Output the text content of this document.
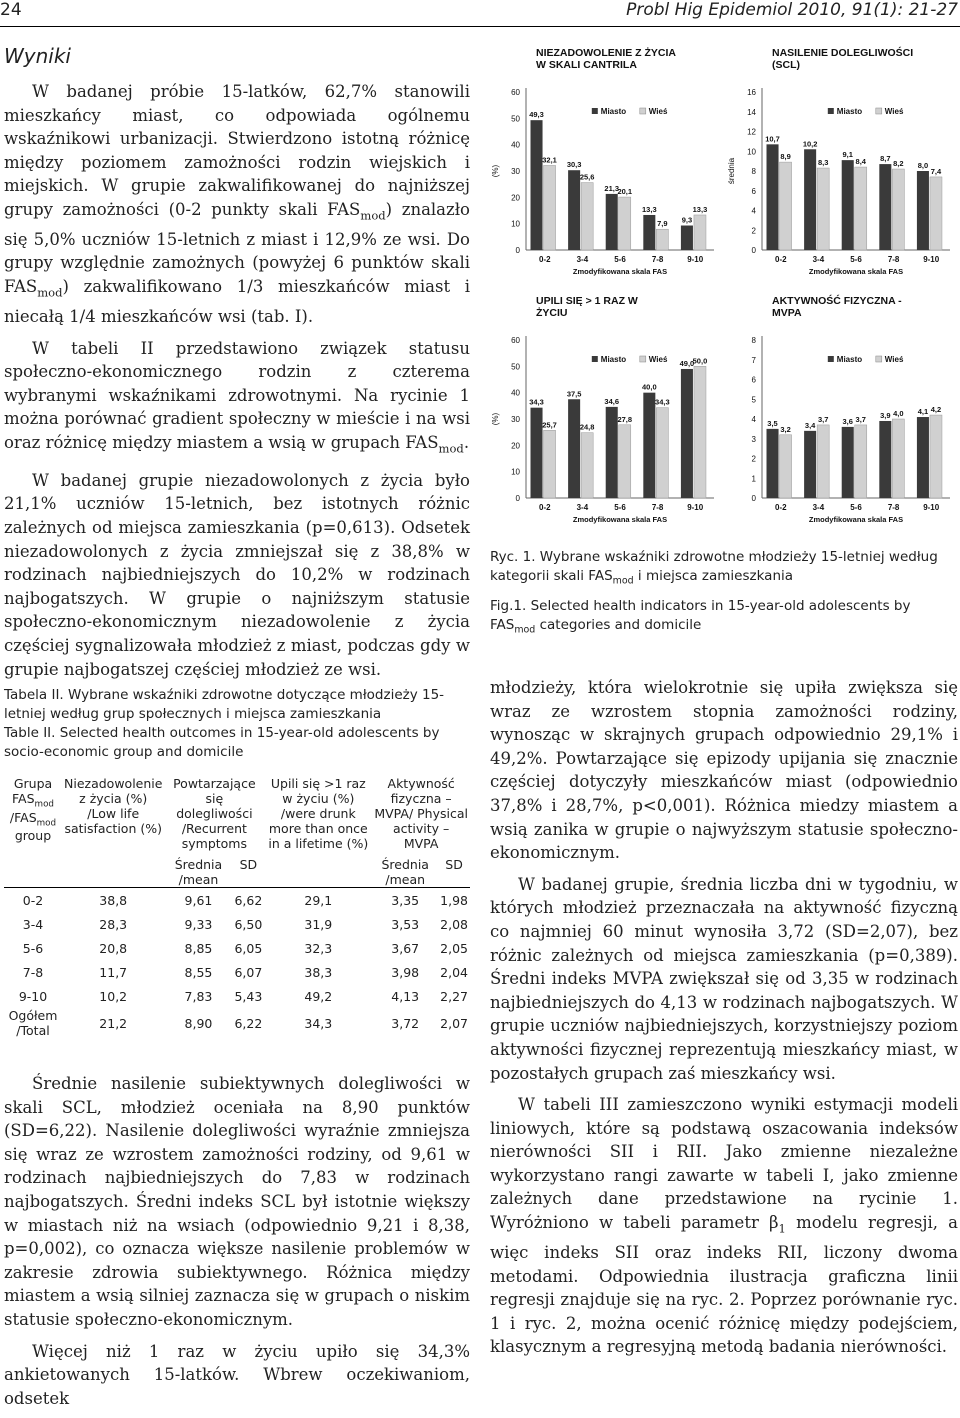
24	Probl Hig Epidemiol 2010, 91(1): 21-27
Wyniki

W badanej próbie 15-latków, 62,7% stanowili mieszkańcy miast, co odpowiada ogólnemu wskaźnikowi urbanizacji. Stwierdzono istotną różnicę między poziomem zamożności rodzin wiejskich i miejskich. W grupie zakwalifikowanej do najniższej grupy zamożności (0-2 punkty skali $FAS_{mod}$) znalazło się 5,0% uczniów 15-letnich z miast i 12,9% ze wsi. Do grupy względnie zamożnych (powyżej 6 punktów skali $FAS_{mod}$) zakwalifikowano 1/3 mieszkańców miast i niecałą 1/4 mieszkańców wsi (tab. I).

W tabeli II przedstawiono związek statusu społeczno-ekonomicznego rodzin z czterema wybranymi wskaźnikami zdrowotnymi. Na rycinie 1 można porównać gradient społeczny w mieście i na wsi oraz różnicę między miastem a wsią w grupach $FAS_{mod}$.

W badanej grupie niezadowolonych z życia było 21,1% uczniów 15-letnich, bez istotnych różnic zależnych od miejsca zamieszkania (p=0,613). Odsetek niezadowolonych z życia zmniejszał się z 38,8% w rodzinach najbiedniejszych do 10,2% w rodzinach najbogatszych. W grupie o najniższym statusie społeczno-ekonomicznym niezadowolenie z życia częściej sygnalizowała młodzież z miast, podczas gdy w grupie najbogatszej częściej młodzież ze wsi.

Tabela II. Wybrane wskaźniki zdrowotne dotyczące młodzieży 15-letniej według grup społecznych i miejsca zamieszkania
Table II. Selected health outcomes in 15-year-old adolescents by socio-economic group and domicile
Grupa $FAS_{mod}$ $/FAS_{mod}$ group	Niezadowolenie z życia (%) /Low life satisfaction (%)	Powtarzające się dolegliwości /Recurrent symptoms		Upili się >1 raz w życiu (%) /were drunk more than once in a lifetime (%)	Aktywność fizyczna – MVPA/ Physical activity – MVPA	
		Średnia /mean	SD		Średnia /mean	SD
0-2	38,8	9,61	6,62	29,1	3,35	1,98
3-4	28,3	9,33	6,50	31,9	3,53	2,08
5-6	20,8	8,85	6,05	32,3	3,67	2,05
7-8	11,7	8,55	6,07	38,3	3,98	2,04
9-10	10,2	7,83	5,43	49,2	4,13	2,27
Ogółem /Total	21,2	8,90	6,22	34,3	3,72	2,07

Średnie nasilenie subiektywnych dolegliwości w skali SCL, młodzież oceniała na 8,90 punktów (SD=6,22). Nasilenie dolegliwości wyraźnie zmniejsza się wraz ze wzrostem zamożności rodziny, od 9,61 w rodzinach najbiedniejszych do 7,83 w rodzinach najbogatszych. Średni indeks SCL był istotnie większy w miastach niż na wsiach (odpowiednio 9,21 i 8,38, p=0,002), co oznacza większe nasilenie problemów w zakresie zdrowia subiektywnego. Różnica między miastem a wsią silniej zaznacza się w grupach o niskim statusie społeczno-ekonomicznym.

Więcej niż 1 raz w życiu upiło się 34,3% ankietowanych 15-latków. Wbrew oczekiwaniom, odsetek

NIEZADOWOLENIE Z ŻYCIA W SKALI CANTRILA
0
10
20
30
40
50
60
(%)
Miasto	Wieś
49,3
32,1
0-2
30,3
25,6
3-4
21,3
20,1
5-6
13,3
7,9
7-8
9,3
13,3
9-10
Zmodyfikowana skala FAS
NASILENIE DOLEGLIWOŚCI (SCL)
0
2
4
6
8
10
12
14
16
średnia
Miasto	Wieś
10,7
8,9
0-2
10,2
8,3
3-4
9,1
8,4
5-6
8,7
8,2
7-8
8,0
7,4
9-10
Zmodyfikowana skala FAS
UPILI SIĘ > 1 RAZ W ŻYCIU
0
10
20
30
40
50
60
(%)
Miasto	Wieś
34,3
25,7
0-2
37,5
24,8
3-4
34,6
27,8
5-6
40,0
34,3
7-8
49,0
50,0
9-10
Zmodyfikowana skala FAS
AKTYWNOŚĆ FIZYCZNA -MVPA
0
1
2
3
4
5
6
7
8
Miasto	Wieś
3,5
3,2
0-2
3,4
3,7
3-4
3,6 3,7
5-6
3,9 4,0
7-8
4,1 4,2
9-10
Zmodyfikowana skala FAS
Ryc. 1. Wybrane wskaźniki zdrowotne młodzieży 15-letniej według kategorii skali $FAS_{mod}$ i miejsca zamieszkania
Fig.1. Selected health indicators in 15-year-old adolescents by $FAS_{mod}$ categories and domicile

młodzieży, która wielokrotnie się upiła zwiększa się wraz ze wzrostem stopnia zamożności rodziny, wynosząc w skrajnych grupach odpowiednio 29,1% i 49,2%. Powtarzające się epizody upijania się znacznie częściej dotyczyły mieszkańców miast (odpowiednio 37,8% i 28,7%, p<0,001). Różnica miedzy miastem a wsią zanika w grupie o najwyższym statusie społeczno-ekonomicznym.

W badanej grupie, średnia liczba dni w tygodniu, w których młodzież przeznaczała na aktywność fizyczną co najmniej 60 minut wynosiła 3,72 (SD=2,07), bez różnic zależnych od miejsca zamieszkania (p=0,389). Średni indeks MVPA zwiększał się od 3,35 w rodzinach najbiedniejszych do 4,13 w rodzinach najbogatszych. W grupie uczniów najbiedniejszych, korzystniejszy poziom aktywności fizycznej reprezentują mieszkańcy miast, w pozostałych grupach zaś mieszkańcy wsi.

W tabeli III zamieszczono wyniki estymacji modeli liniowych, które są podstawą oszacowania indeksów nierówności SII i RII. Jako zmienne niezależne wykorzystano rangi zawarte w tabeli I, jako zmienne zależnych dane przedstawione na rycinie 1. Wyróżniono w tabeli parametr $\beta_1$ modelu regresji, a więc indeks SII oraz indeks RII, liczony dwoma metodami. Odpowiednia ilustracja graficzna linii regresji znajduje się na ryc. 2. Poprzez porównanie ryc. 1 i ryc. 2, można ocenić różnicę między podejściem, klasycznym a regresyjną metodą badania nierówności.
